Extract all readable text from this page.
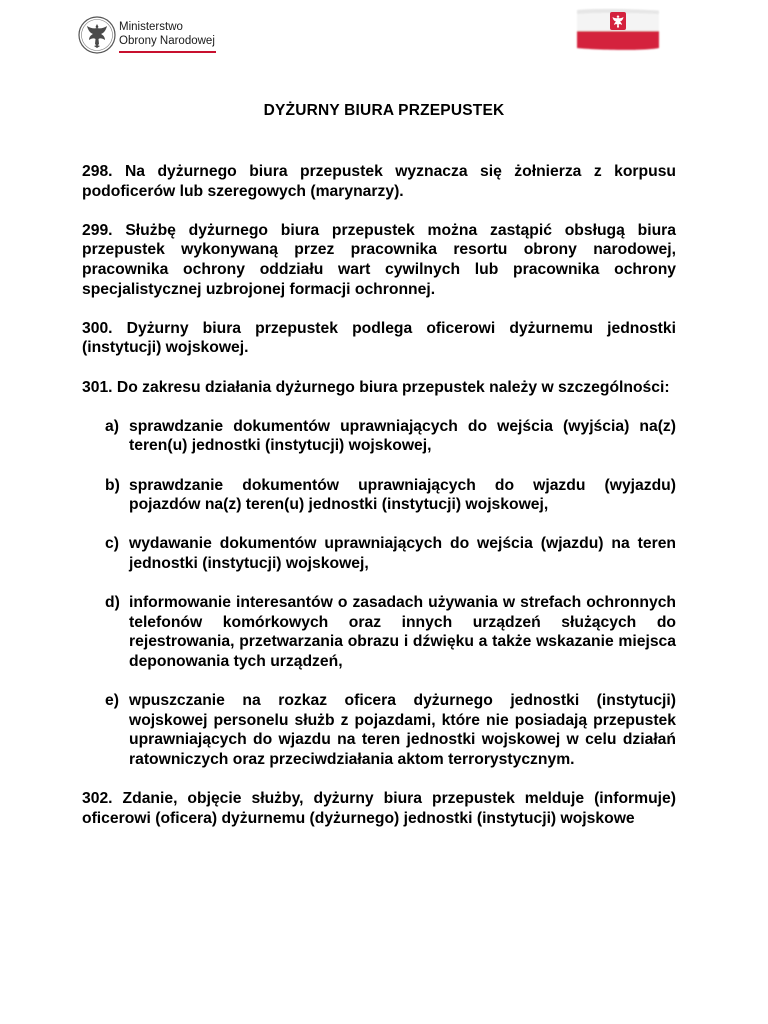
Ministerstwo
Obrony Narodowej
DYŻURNY BIURA PRZEPUSTEK

298. Na dyżurnego biura przepustek wyznacza się żołnierza z korpusu podoficerów lub szeregowych (marynarzy).

299. Służbę dyżurnego biura przepustek można zastąpić obsługą biura przepustek wykonywaną przez pracownika resortu obrony narodowej, pracownika ochrony oddziału wart cywilnych lub pracownika ochrony specjalistycznej uzbrojonej formacji ochronnej.

300. Dyżurny biura przepustek podlega oficerowi dyżurnemu jednostki (instytucji) wojskowej.

301. Do zakresu działania dyżurnego biura przepustek należy w szczególności:

a) sprawdzanie dokumentów uprawniających do wejścia (wyjścia) na(z) teren(u) jednostki (instytucji) wojskowej,
b) sprawdzanie dokumentów uprawniających do wjazdu (wyjazdu) pojazdów na(z) teren(u) jednostki (instytucji) wojskowej,
c) wydawanie dokumentów uprawniających do wejścia (wjazdu) na teren jednostki (instytucji) wojskowej,
d) informowanie interesantów o zasadach używania w strefach ochronnych telefonów komórkowych oraz innych urządzeń służących do rejestrowania, przetwarzania obrazu i dźwięku a także wskazanie miejsca deponowania tych urządzeń,
e) wpuszczanie na rozkaz oficera dyżurnego jednostki (instytucji) wojskowej personelu służb z pojazdami, które nie posiadają przepustek uprawniających do wjazdu na teren jednostki wojskowej w celu działań ratowniczych oraz przeciwdziałania aktom terrorystycznym.

302. Zdanie, objęcie służby, dyżurny biura przepustek melduje (informuje) oficerowi (oficera) dyżurnemu (dyżurnego) jednostki (instytucji) wojskowe
